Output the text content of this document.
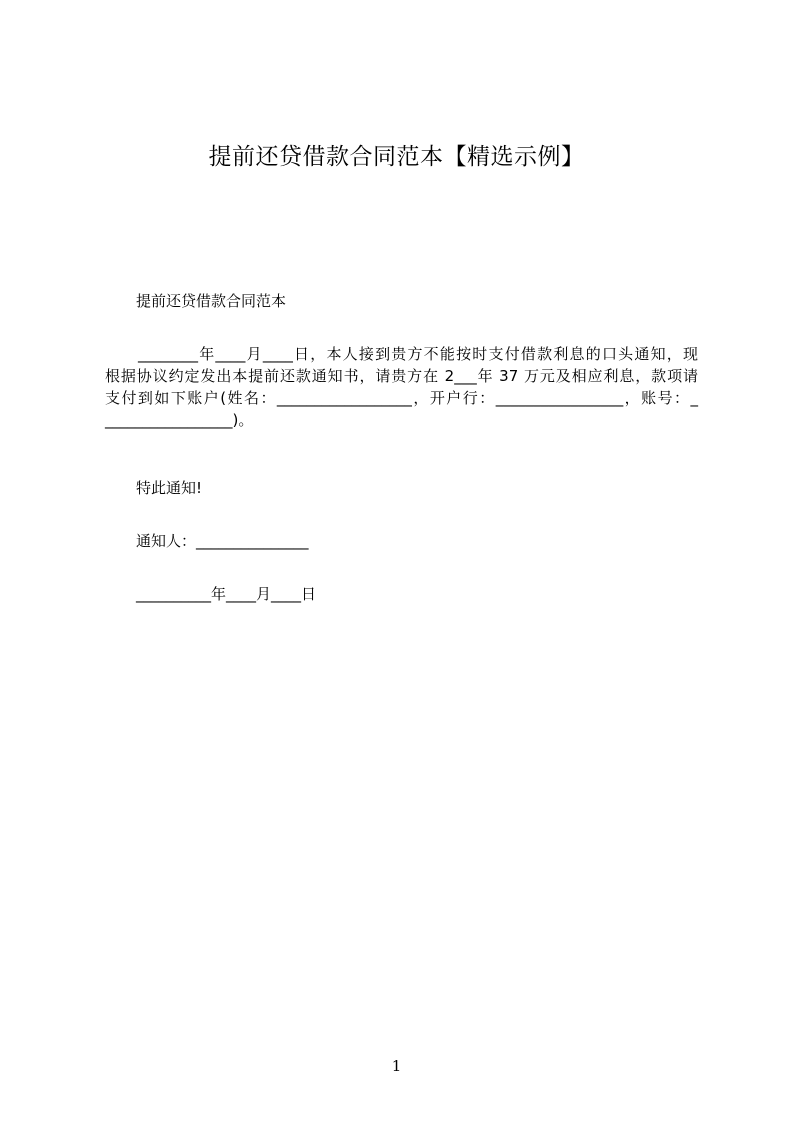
提前还贷借款合同范本【精选示例】
提前还贷借款合同范本
________年____月____日，本人接到贵方不能按时支付借款利息的口头通知，现
根据协议约定发出本提前还款通知书，请贵方在 2___年 37 万元及相应利息，款项请
支付到如下账户(姓名：__________________，开户行：_________________，账号：_
_________________)。
特此通知!
通知人：_______________
__________年____月____日
1
